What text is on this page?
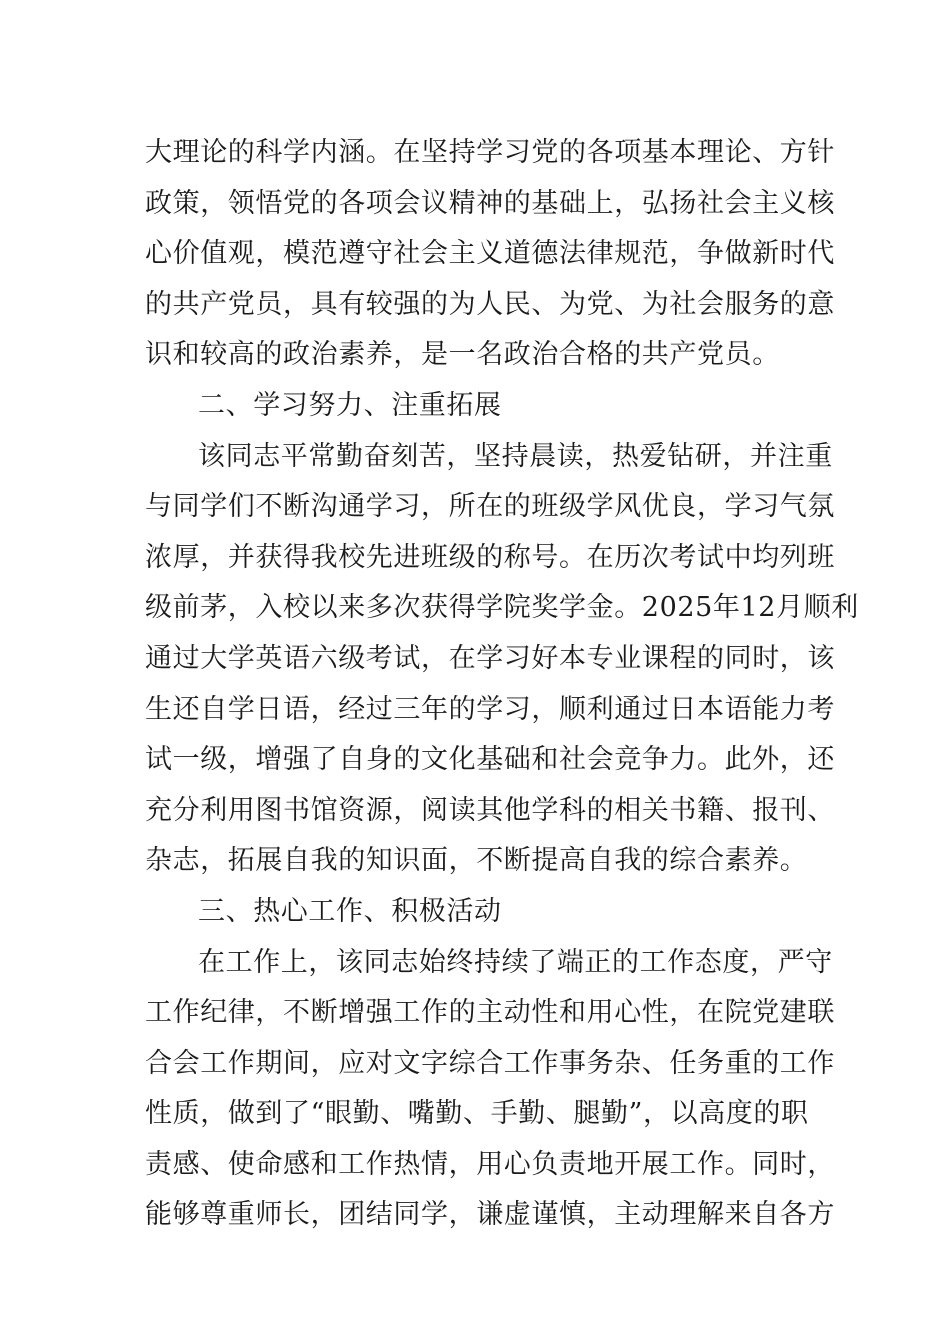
大理论的科学内涵。在坚持学习党的各项基本理论、方针
政策，领悟党的各项会议精神的基础上，弘扬社会主义核
心价值观，模范遵守社会主义道德法律规范，争做新时代
的共产党员，具有较强的为人民、为党、为社会服务的意
识和较高的政治素养，是一名政治合格的共产党员。
二、学习努力、注重拓展
该同志平常勤奋刻苦，坚持晨读，热爱钻研，并注重
与同学们不断沟通学习，所在的班级学风优良，学习气氛
浓厚，并获得我校先进班级的称号。在历次考试中均列班
级前茅，入校以来多次获得学院奖学金。2025年12月顺利
通过大学英语六级考试，在学习好本专业课程的同时，该
生还自学日语，经过三年的学习，顺利通过日本语能力考
试一级，增强了自身的文化基础和社会竞争力。此外，还
充分利用图书馆资源，阅读其他学科的相关书籍、报刊、
杂志，拓展自我的知识面，不断提高自我的综合素养。
三、热心工作、积极活动
在工作上，该同志始终持续了端正的工作态度，严守
工作纪律，不断增强工作的主动性和用心性，在院党建联
合会工作期间，应对文字综合工作事务杂、任务重的工作
性质，做到了“眼勤、嘴勤、手勤、腿勤”，以高度的职
责感、使命感和工作热情，用心负责地开展工作。同时，
能够尊重师长，团结同学，谦虚谨慎，主动理解来自各方
